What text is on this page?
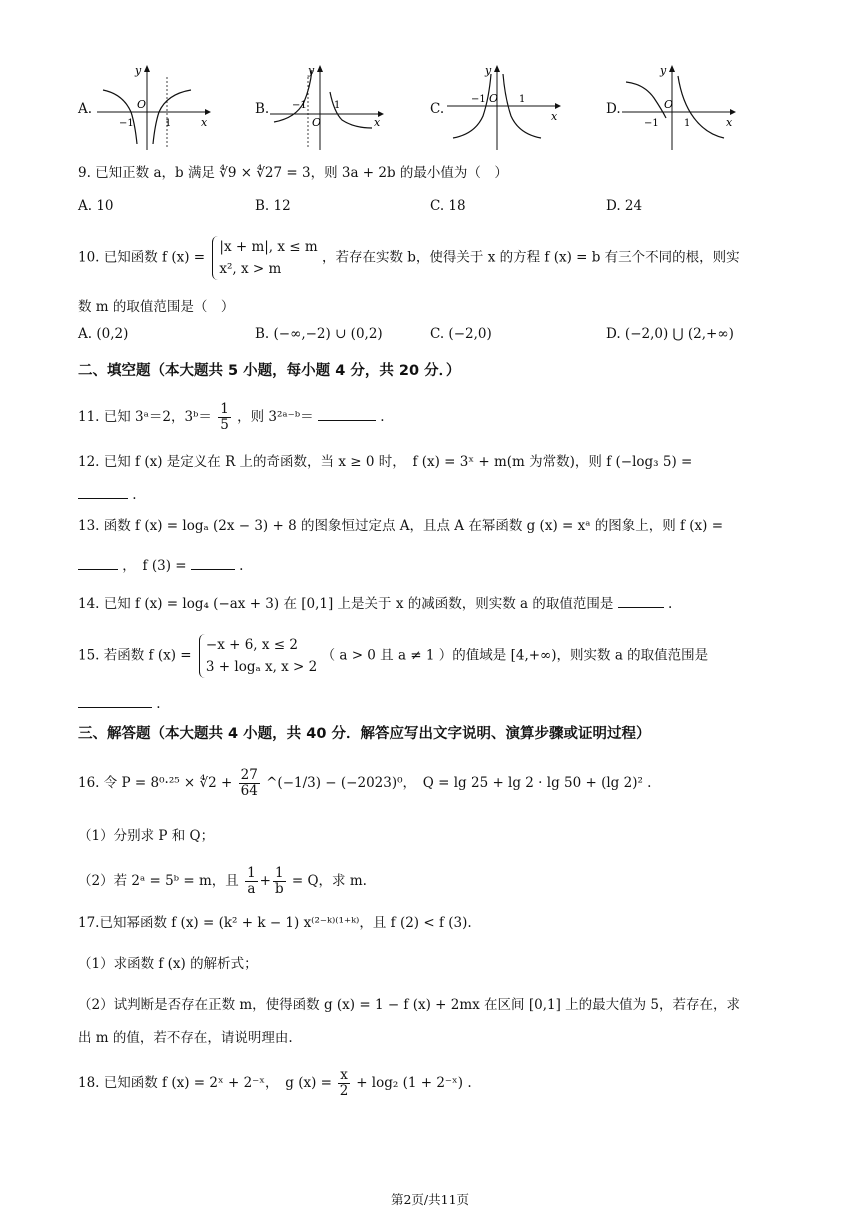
A.
y
x
O
−1	1
B.
y
x
O
−1	1	C.
y
x
O
−1	1
D.
y
x
O
−1	1
9. 已知正数 a，b 满足 ∜9 × ∜27 = 3，则 3a + 2b 的最小值为（　）
A. 10	B. 12	C. 18	D. 24
10. 已知函数 f (x) =
|x + m|, x ≤ m
x², x > m
，若存在实数 b，使得关于 x 的方程 f (x) = b 有三个不同的根，则实
数 m 的取值范围是（　）
A. (0,2)	B. (−∞,−2) ∪ (0,2)	C. (−2,0)	D. (−2,0) ⋃ (2,+∞)
二、填空题（本大题共 5 小题，每小题 4 分，共 20 分．）
11. 已知 3ᵃ＝2，3ᵇ＝ $\frac{1}{5}$ ，则 3²ᵃ⁻ᵇ＝	.
12. 已知 f (x) 是定义在 R 上的奇函数，当 x ≥ 0 时，　f (x) = 3ˣ + m(m 为常数)，则 f (−log₃ 5) =
.
13. 函数 f (x) = logₐ (2x − 3) + 8 的图象恒过定点 A，且点 A 在幂函数 g (x) = xᵃ 的图象上，则 f (x) =
，　f (3) =	.
14. 已知 f (x) = log₄ (−ax + 3) 在 [0,1] 上是关于 x 的减函数，则实数 a 的取值范围是	.
15. 若函数 f (x) =
−x + 6, x ≤ 2
3 + logₐ x, x > 2
（ a > 0 且 a ≠ 1 ）的值域是 [4,+∞)，则实数 a 的取值范围是
.
三、解答题（本大题共 4 小题，共 40 分．解答应写出文字说明、演算步骤或证明过程）
16. 令 P = 8⁰·²⁵ × ∜2 + $\frac{27}{64}$ ^(−1/3) − (−2023)⁰，　Q = lg 25 + lg 2 · lg 50 + (lg 2)² .
（1）分别求 P 和 Q；
（2）若 2ᵃ = 5ᵇ = m，且 $\frac{1}{a} + \frac{1}{b} = Q$，求 m.
17.已知幂函数 f (x) = (k² + k − 1) x⁽²⁻ᵏ⁾⁽¹⁺ᵏ⁾，且 f (2) < f (3).
（1）求函数 f (x) 的解析式；
（2）试判断是否存在正数 m，使得函数 g (x) = 1 − f (x) + 2mx 在区间 [0,1] 上的最大值为 5，若存在，求
出 m 的值，若不存在，请说明理由.
18. 已知函数 f (x) = 2ˣ + 2⁻ˣ，　g $(x) = \frac{x}{2} + \log_2$ (1 + 2⁻ˣ) .
第2页/共11页
